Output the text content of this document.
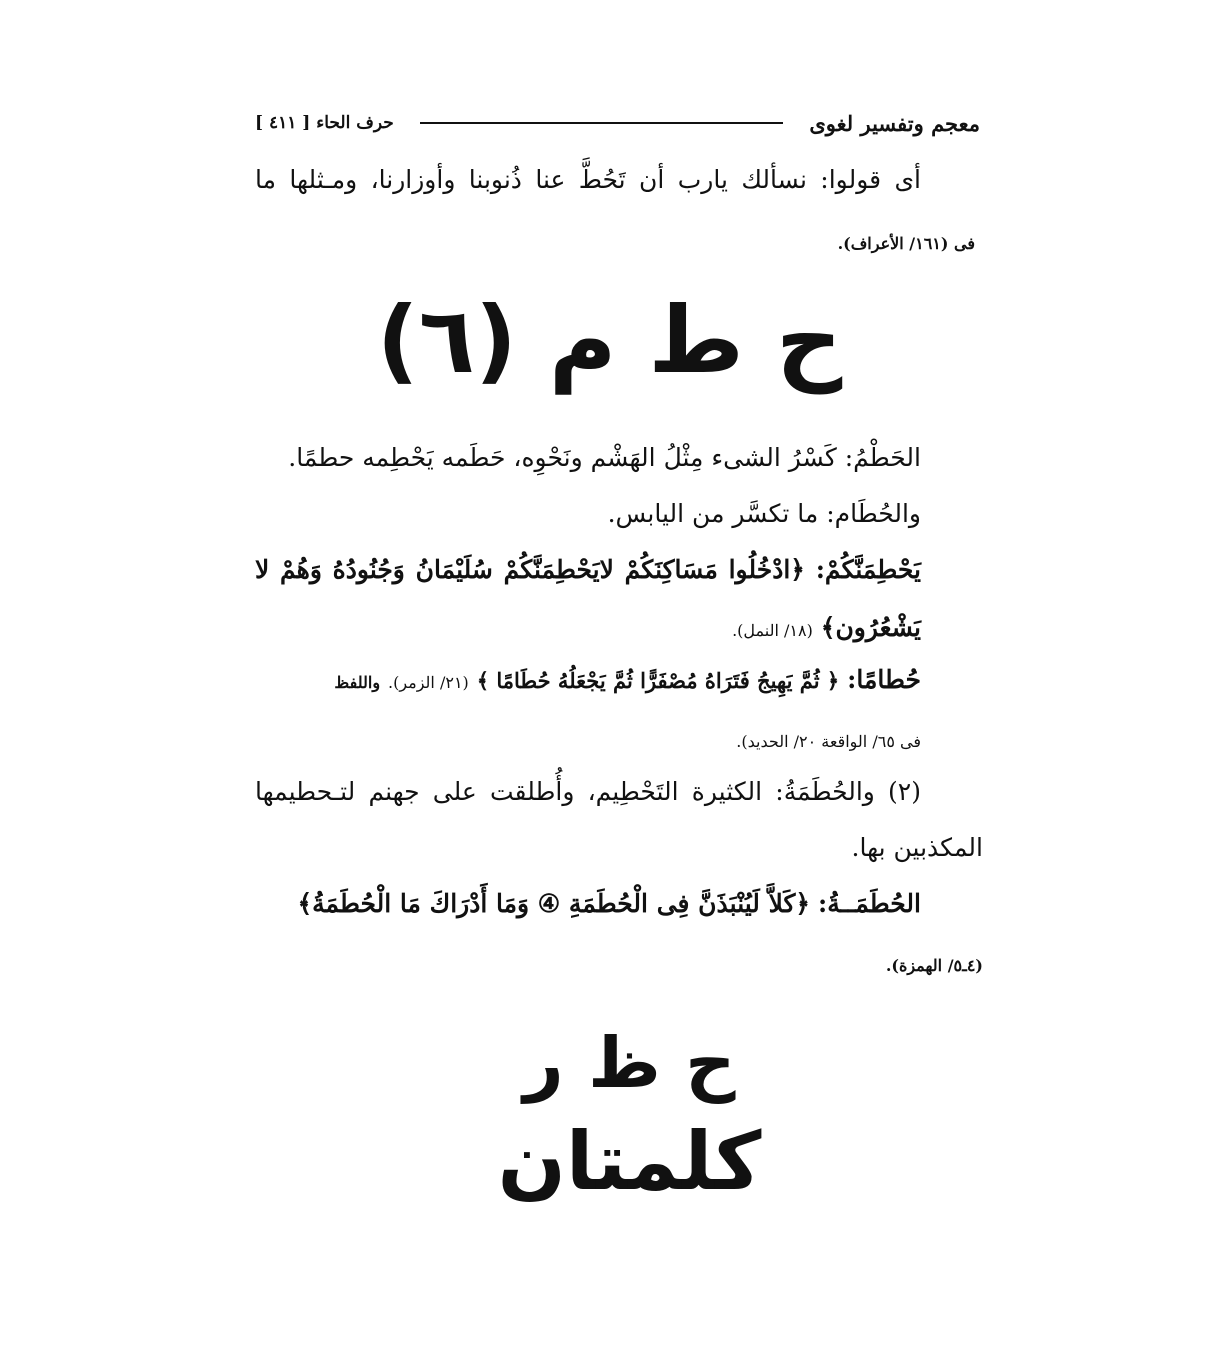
معجم وتفسير لغوى
حرف الحاء [ ٤١١ ]
أى قولوا: نسألك يارب أن تَحُطَّ عنا ذُنوبنا وأوزارنا، ومـثلها ما
فى (١٦١/ الأعراف).
ح ط م (٦)
الحَطْمُ: كَسْرُ الشىء مِثْلُ الهَشْم ونَحْوِه، حَطَمه يَحْطِمه حطمًا.
والحُطَام: ما تكسَّر من اليابس.
يَحْطِمَنَّكُمْ: ﴿ادْخُلُوا مَسَاكِنَكُمْ لايَحْطِمَنَّكُمْ سُلَيْمَانُ وَجُنُودُهُ وَهُمْ لا
يَشْعُرُون﴾ (١٨/ النمل).
حُطامًا: ﴿ ثُمَّ يَهِيجُ فَتَرَاهُ مُصْفَرًّا ثُمَّ يَجْعَلُهُ حُطَامًا ﴾ (٢١/ الزمر). واللفظ
فى ٦٥/ الواقعة ٢٠/ الحديد).
(٢) والحُطَمَةُ: الكثيرة التَحْطِيم، وأُطلقت على جهنم لتـحطيمها
المكذبين بها.
الحُطَمَــةُ: ﴿كَلاَّ لَيُنْبَذَنَّ فِى الْحُطَمَةِ ④ وَمَا أَدْرَاكَ مَا الْحُطَمَةُ﴾
(٤ـ٥/ الهمزة).
ح ظ ر
كلمتان
